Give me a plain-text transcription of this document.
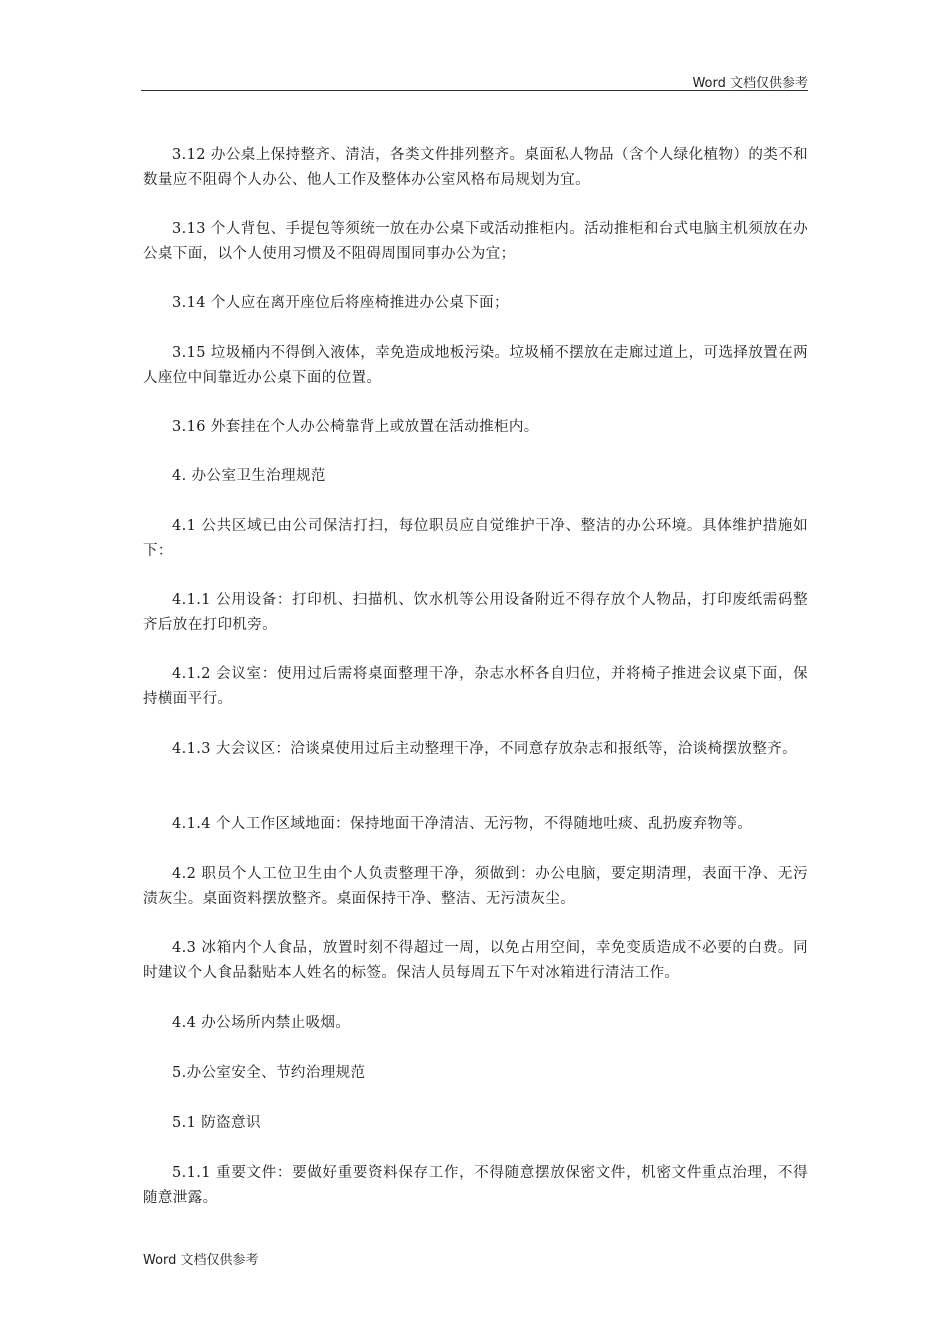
Word 文档仅供参考

3.12 办公桌上保持整齐、清洁，各类文件排列整齐。桌面私人物品（含个人绿化植物）的类不和数量应不阻碍个人办公、他人工作及整体办公室风格布局规划为宜。

3.13 个人背包、手提包等须统一放在办公桌下或活动推柜内。活动推柜和台式电脑主机须放在办公桌下面，以个人使用习惯及不阻碍周围同事办公为宜；

3.14 个人应在离开座位后将座椅推进办公桌下面；

3.15 垃圾桶内不得倒入液体，幸免造成地板污染。垃圾桶不摆放在走廊过道上，可选择放置在两人座位中间靠近办公桌下面的位置。

3.16 外套挂在个人办公椅靠背上或放置在活动推柜内。

4. 办公室卫生治理规范

4.1 公共区域已由公司保洁打扫，每位职员应自觉维护干净、整洁的办公环境。具体维护措施如下：

4.1.1 公用设备：打印机、扫描机、饮水机等公用设备附近不得存放个人物品，打印废纸需码整齐后放在打印机旁。

4.1.2 会议室：使用过后需将桌面整理干净，杂志水杯各自归位，并将椅子推进会议桌下面，保持横面平行。

4.1.3 大会议区：洽谈桌使用过后主动整理干净，不同意存放杂志和报纸等，洽谈椅摆放整齐。

4.1.4 个人工作区域地面：保持地面干净清洁、无污物，不得随地吐痰、乱扔废弃物等。

4.2 职员个人工位卫生由个人负责整理干净，须做到：办公电脑，要定期清理，表面干净、无污渍灰尘。桌面资料摆放整齐。桌面保持干净、整洁、无污渍灰尘。

4.3 冰箱内个人食品，放置时刻不得超过一周，以免占用空间，幸免变质造成不必要的白费。同时建议个人食品黏贴本人姓名的标签。保洁人员每周五下午对冰箱进行清洁工作。

4.4 办公场所内禁止吸烟。

5.办公室安全、节约治理规范

5.1 防盗意识

5.1.1 重要文件：要做好重要资料保存工作，不得随意摆放保密文件，机密文件重点治理，不得随意泄露。

Word 文档仅供参考
